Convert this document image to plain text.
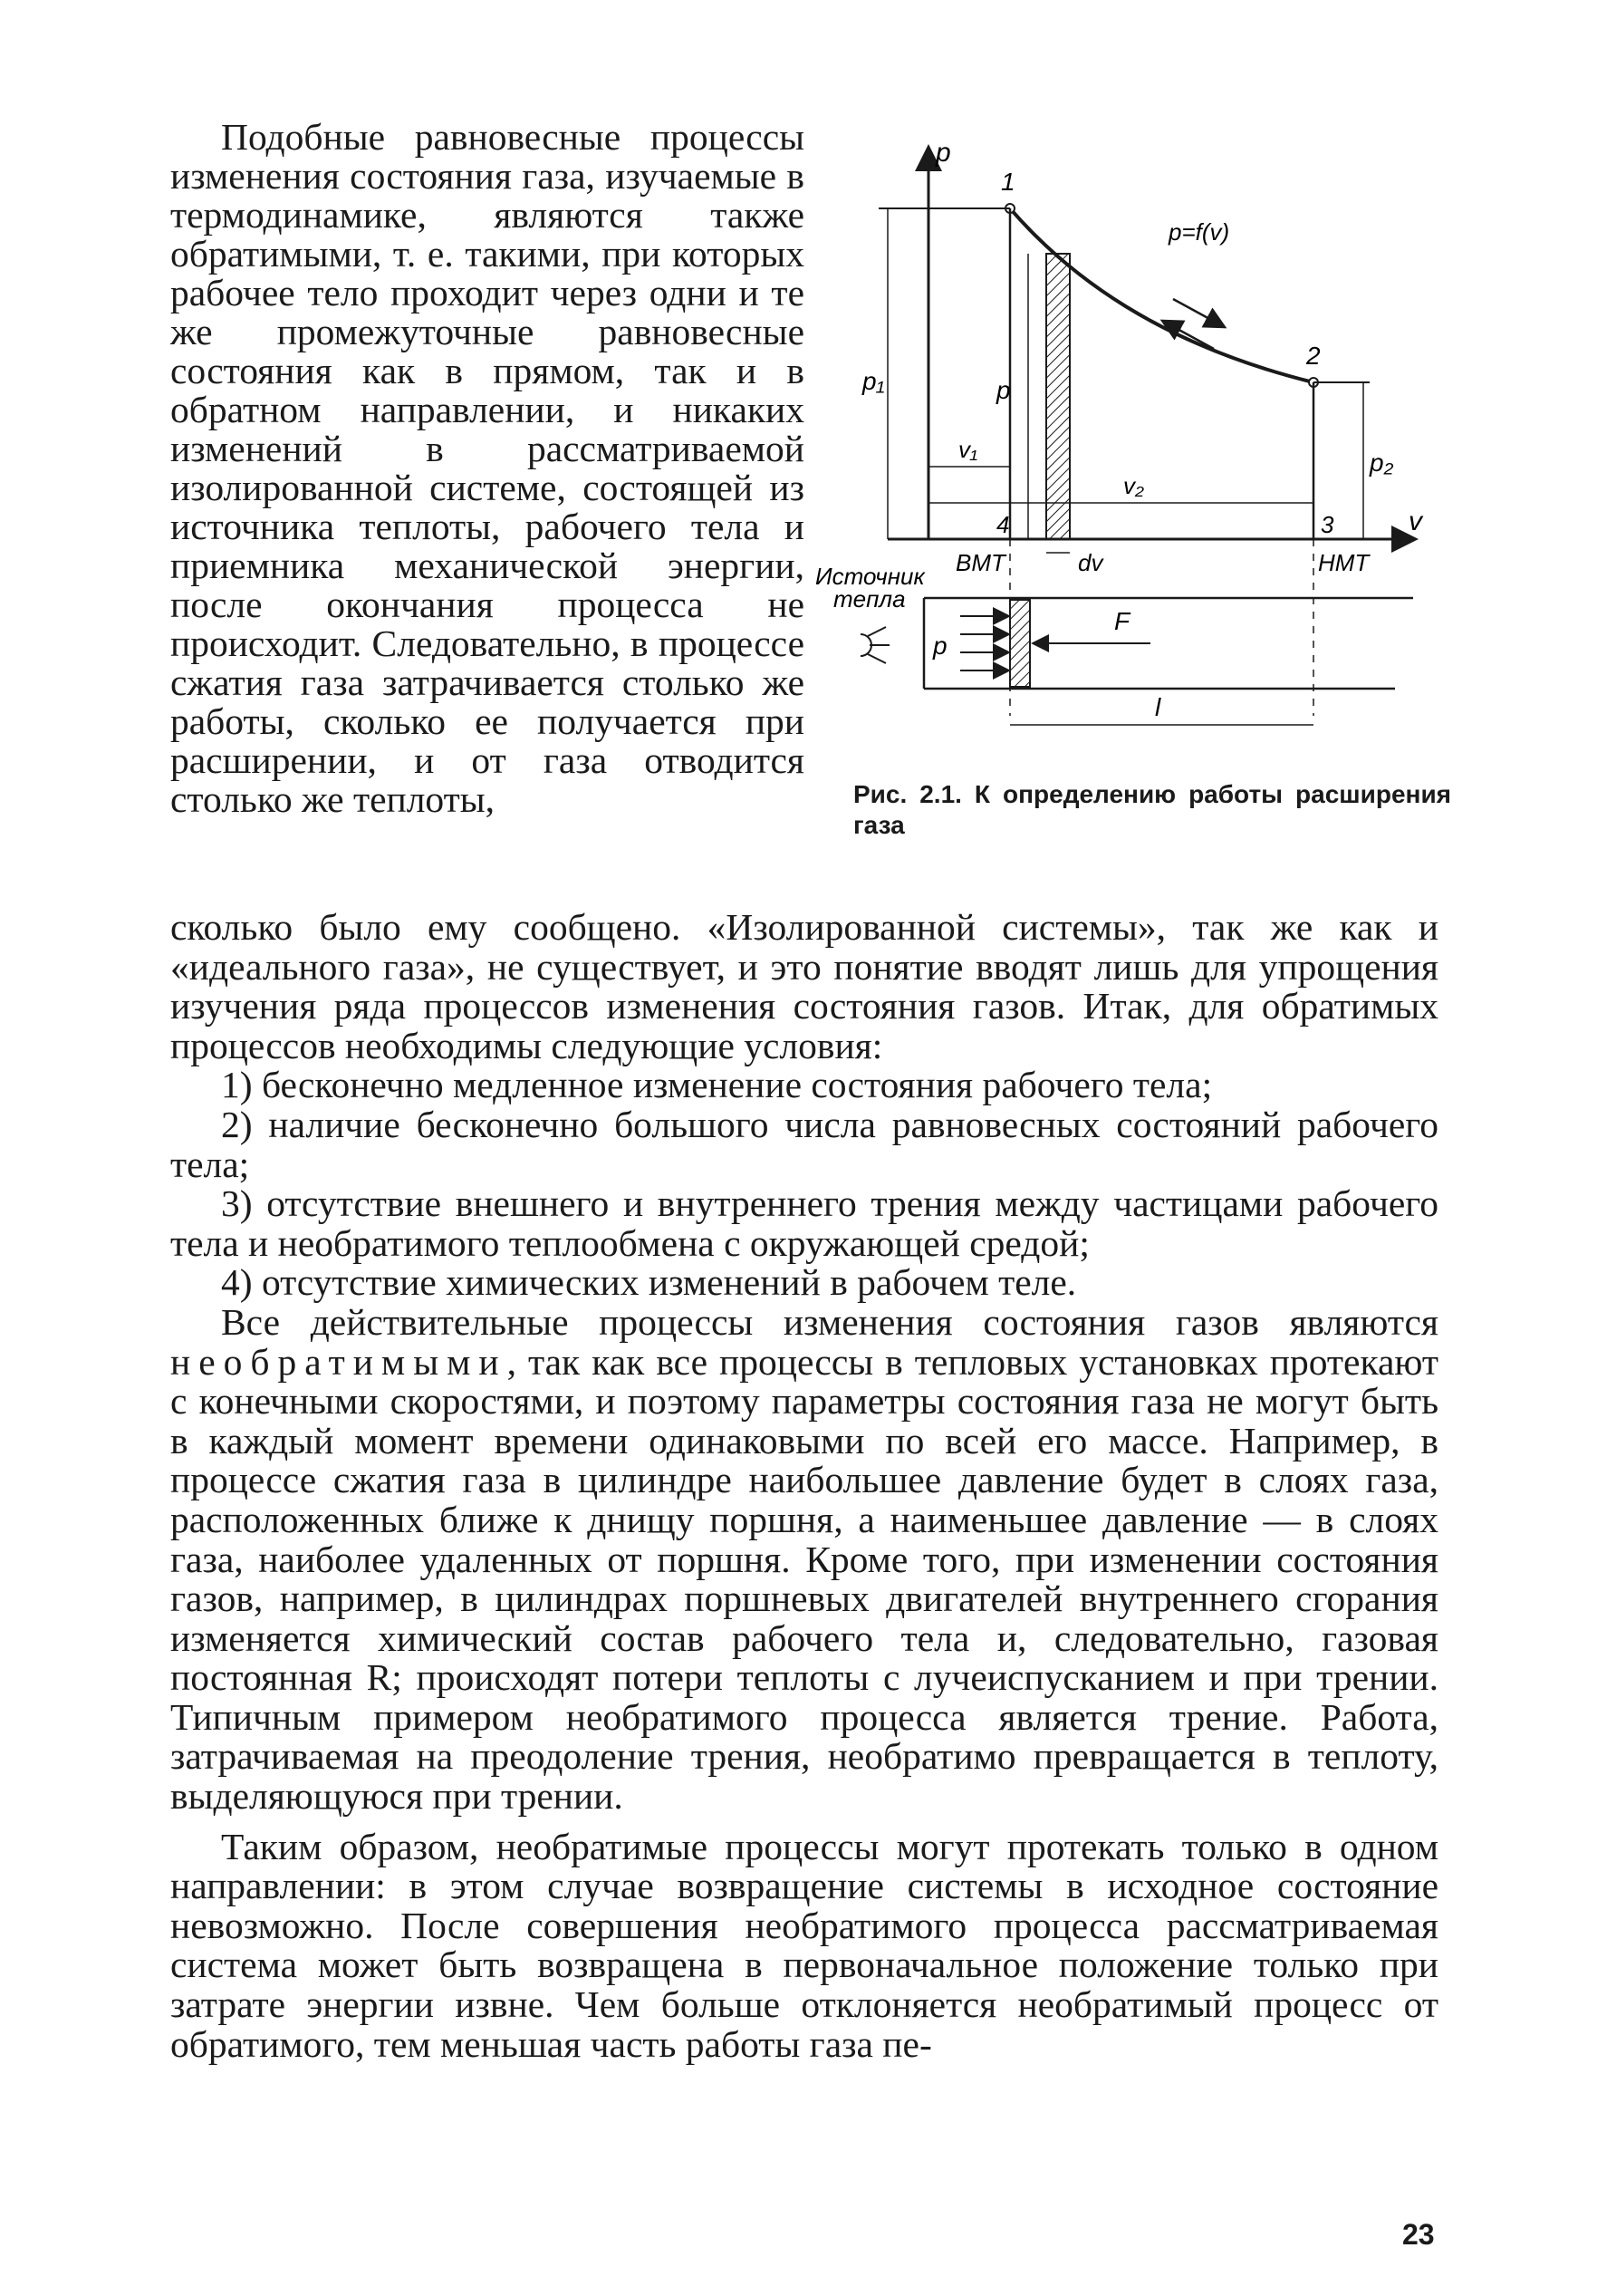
Подобные равновесные процессы изменения состояния газа, изучаемые в термодинамике, являются также обратимыми, т. е. такими, при которых рабочее тело проходит через одни и те же промежуточные равновесные состояния как в прямом, так и в обратном направлении, и никаких изменений в рассматриваемой изолированной системе, состоящей из источника теплоты, рабочего тела и приемника механической энергии, после окончания процесса не происходит. Следовательно, в процессе сжатия газа затрачивается столько же работы, сколько ее получается при расширении, и от газа отводится столько же теплоты,

p
v
p=f(v)
1
2
p₁
p₂
p
v₁
v₂
4	3
ВМТ	НМТ
dv
p
F
Источник
теплa
l
Рис. 2.1. К определению работы расширения газа

сколько было ему сообщено. «Изолированной системы», так же как и «идеального газа», не существует, и это понятие вводят лишь для упрощения изучения ряда процессов изменения состояния газов. Итак, для обратимых процессов необходимы следующие условия:

1) бесконечно медленное изменение состояния рабочего тела;

2) наличие бесконечно большого числа равновесных состояний рабочего тела;

3) отсутствие внешнего и внутреннего трения между частицами рабочего тела и необратимого теплообмена с окружающей средой;

4) отсутствие химических изменений в рабочем теле.

Все действительные процессы изменения состояния газов являются необратимыми, так как все процессы в тепловых установках протекают с конечными скоростями, и поэтому параметры состояния газа не могут быть в каждый момент времени одинаковыми по всей его массе. Например, в процессе сжатия газа в цилиндре наибольшее давление будет в слоях газа, расположенных ближе к днищу поршня, а наименьшее давление — в слоях газа, наиболее удаленных от поршня. Кроме того, при изменении состояния газов, например, в цилиндрах поршневых двигателей внутреннего сгорания изменяется химический состав рабочего тела и, следовательно, газовая постоянная R; происходят потери теплоты с лучеиспусканием и при трении. Типичным примером необратимого процесса является трение. Работа, затрачиваемая на преодоление трения, необратимо превращается в теплоту, выделяющуюся при трении.

Таким образом, необратимые процессы могут протекать только в одном направлении: в этом случае возвращение системы в исходное состояние невозможно. После совершения необратимого процесса рассматриваемая система может быть возвращена в первоначальное положение только при затрате энергии извне. Чем больше отклоняется необратимый процесс от обратимого, тем меньшая часть работы газа пе-

23
